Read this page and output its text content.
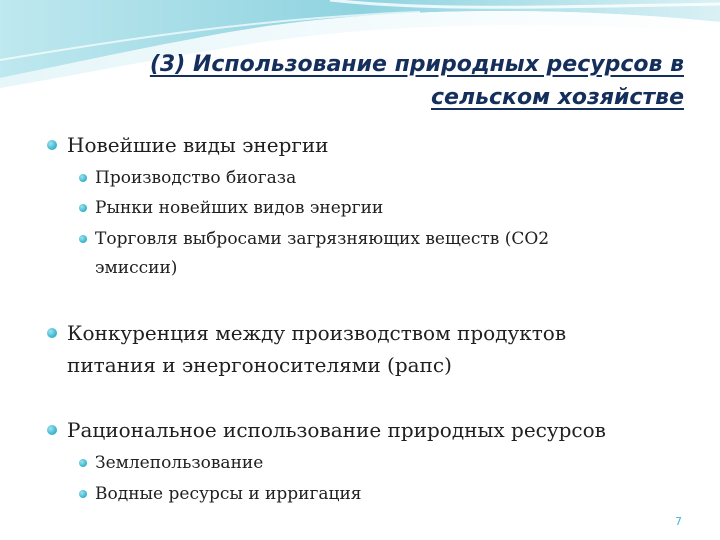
(3) Использование природных ресурсов в
сельском хозяйстве
Новейшие виды энергии
Производство биогаза
Рынки новейших видов энергии
Торговля выбросами загрязняющих веществ (СО2 эмиссии)
Конкуренция между производством продуктов питания и энергоносителями (рапс)
Рациональное использование природных ресурсов
Землепользование
Водные ресурсы и ирригация
7
